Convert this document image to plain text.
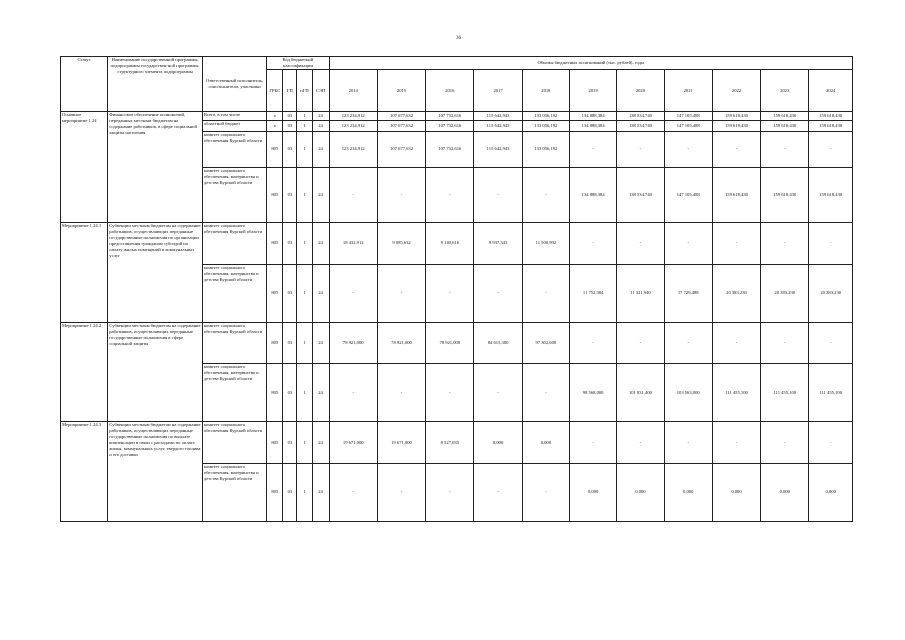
36
Статус	Наименование государственной программы, подпрограммы государствен-ной программы, структурного элемента подпрограммы	Ответственный исполнитель, соисполнители, участники	Код бюджетной классификации				Объемы бюджетных ассигнований (тыс. рублей), годы										
			ГРБС	ГП	пГП	СЭП	2014	2015	2016	2017	2018	2019	2020	2021	2022	2023	2024
Основное мероприятие 1.24	Финансовое обеспечение полномочий, переданных местным бюджетам на содержание работников, в сфере социальной защиты населения	Всего, в том числе	х	03	1	24	123 234,912	107 677,632	107 732,616	115 642,943	133 056,192	134 888,384	138 534,740	147 105,488	159 618,430	159 618,430	159 618,430
		областной бюджет	х	03	1	24	123 234,912	107 677,632	107 732,616	115 642,943	133 056,192	134 888,384	138 534,740	147 105,488	159 618,430	159 618,430	159 618,430
		комитет социального обеспечения Курской области	805	03	1	24	123 234,912	107 677,632	107 732,616	115 642,943	133 056,192	-	-	-	-	-	-
		комитет социального обеспечения, материнства и детства Курской области	805	03	1	24	-	-	-	-	-	134 888,384	138 534,740	147 105,488	159 618,430	159 618,430	159 618,430
Мероприятие 1.24.1	Субвенции местным бюджетам на содержание работников, осуществляющих переданные государственные полномочия по организации предоставления гражданам субсидий на оплату жилых помещений и коммунальных услуг	комитет социального обеспечения Курской области	805	03	1	24	18 432,912	9 085,632	9 140,616	9 937,343	11 500,992	-	-	-	-	-	-
		комитет социального обеспечения, материнства и детства Курской области	805	03	1	24	-	-	-	-	-	11 752,384	11 321,940	17 729,488	20 383,230	20 383,230	20 383,230
Мероприятие 1.24.2	Субвенции местным бюджетам на содержание работников, осуществляющих переданные государственные полномочия в сфере социальной защиты	комитет социального обеспечения Курской области	805	03	1	24	78 921,000	78 921,000	78 921,000	84 615,300	97 302,600	-	-	-	-	-	-
		комитет социального обеспечения, материнства и детства Курской области	805	03	1	24	-	-	-	-	-	98 568,000	101 831,400	103 563,000	111 455,100	111 455,100	111 455,100
Мероприятие 1.24.3	Субвенции местным бюджетам на содержание работников, осуществляющих переданные государственные полномочия по выплате компенсации в связи с расходами по оплате жилья, коммунальных услуг, твердого топлива и его доставки	комитет социального обеспечения Курской области	805	03	1	24	19 671,000	19 671,000	8 527,035	0,000	0,000	-	-	-	-	-	-
		комитет социального обеспечения, материнства и детства Курской области	805	03	1	24	-	-	-	-	-	0,000	0,000	0,000	0,000	0,000	0,000
